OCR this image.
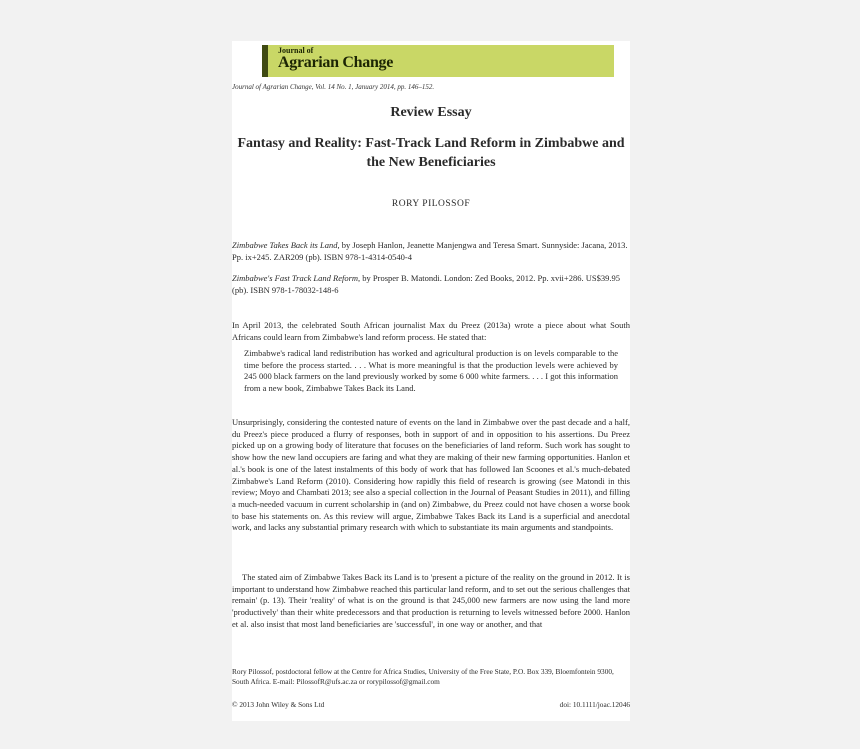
Journal of
Agrarian Change
Journal of Agrarian Change, Vol. 14 No. 1, January 2014, pp. 146–152.
Review Essay
Fantasy and Reality: Fast-Track Land Reform in Zimbabwe and the New Beneficiaries
RORY PILOSSOF
Zimbabwe Takes Back its Land, by Joseph Hanlon, Jeanette Manjengwa and Teresa Smart. Sunnyside: Jacana, 2013. Pp. ix+245. ZAR209 (pb). ISBN 978-1-4314-0540-4
Zimbabwe's Fast Track Land Reform, by Prosper B. Matondi. London: Zed Books, 2012. Pp. xvii+286. US$39.95 (pb). ISBN 978-1-78032-148-6
In April 2013, the celebrated South African journalist Max du Preez (2013a) wrote a piece about what South Africans could learn from Zimbabwe's land reform process. He stated that:
Zimbabwe's radical land redistribution has worked and agricultural production is on levels comparable to the time before the process started. . . . What is more meaningful is that the production levels were achieved by 245 000 black farmers on the land previously worked by some 6 000 white farmers. . . . I got this information from a new book, Zimbabwe Takes Back its Land.
Unsurprisingly, considering the contested nature of events on the land in Zimbabwe over the past decade and a half, du Preez's piece produced a flurry of responses, both in support of and in opposition to his assertions. Du Preez picked up on a growing body of literature that focuses on the beneficiaries of land reform. Such work has sought to show how the new land occupiers are faring and what they are making of their new farming opportunities. Hanlon et al.'s book is one of the latest instalments of this body of work that has followed Ian Scoones et al.'s much-debated Zimbabwe's Land Reform (2010). Considering how rapidly this field of research is growing (see Matondi in this review; Moyo and Chambati 2013; see also a special collection in the Journal of Peasant Studies in 2011), and filling a much-needed vacuum in current scholarship in (and on) Zimbabwe, du Preez could not have chosen a worse book to base his statements on. As this review will argue, Zimbabwe Takes Back its Land is a superficial and anecdotal work, and lacks any substantial primary research with which to substantiate its main arguments and standpoints.
The stated aim of Zimbabwe Takes Back its Land is to 'present a picture of the reality on the ground in 2012. It is important to understand how Zimbabwe reached this particular land reform, and to set out the serious challenges that remain' (p. 13). Their 'reality' of what is on the ground is that 245,000 new farmers are now using the land more 'productively' than their white predecessors and that production is returning to levels witnessed before 2000. Hanlon et al. also insist that most land beneficiaries are 'successful', in one way or another, and that
Rory Pilossof, postdoctoral fellow at the Centre for Africa Studies, University of the Free State, P.O. Box 339, Bloemfontein 9300, South Africa. E-mail: PilossofR@ufs.ac.za or rorypilossof@gmail.com
© 2013 John Wiley & Sons Ltd	doi: 10.1111/joac.12046
